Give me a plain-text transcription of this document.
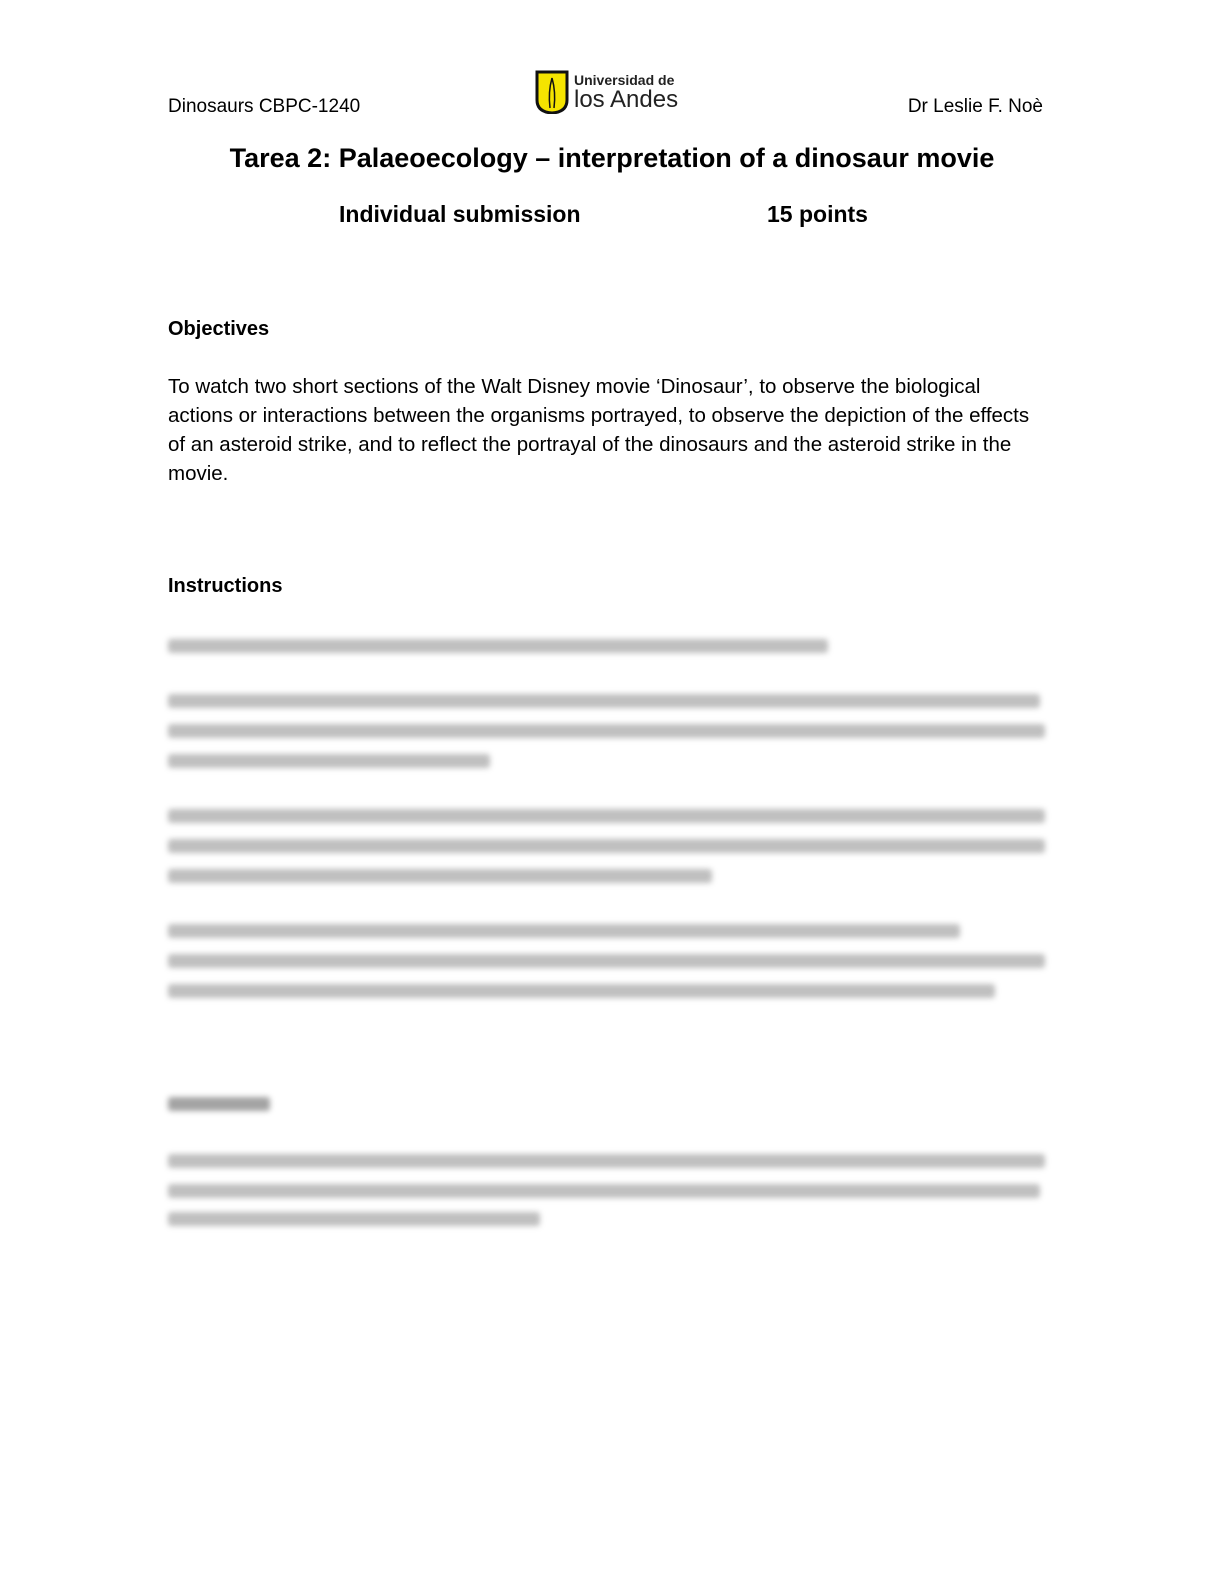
Dinosaurs CBPC-1240	Dr Leslie F. Noè
Universidad de
los Andes
Tarea 2: Palaeoecology – interpretation of a dinosaur movie
Individual submission	15 points
Objectives
To watch two short sections of the Walt Disney movie ‘Dinosaur’, to observe the biological actions or interactions between the organisms portrayed, to observe the depiction of the effects of an asteroid strike, and to reflect the portrayal of the dinosaurs and the asteroid strike in the movie.
Instructions
